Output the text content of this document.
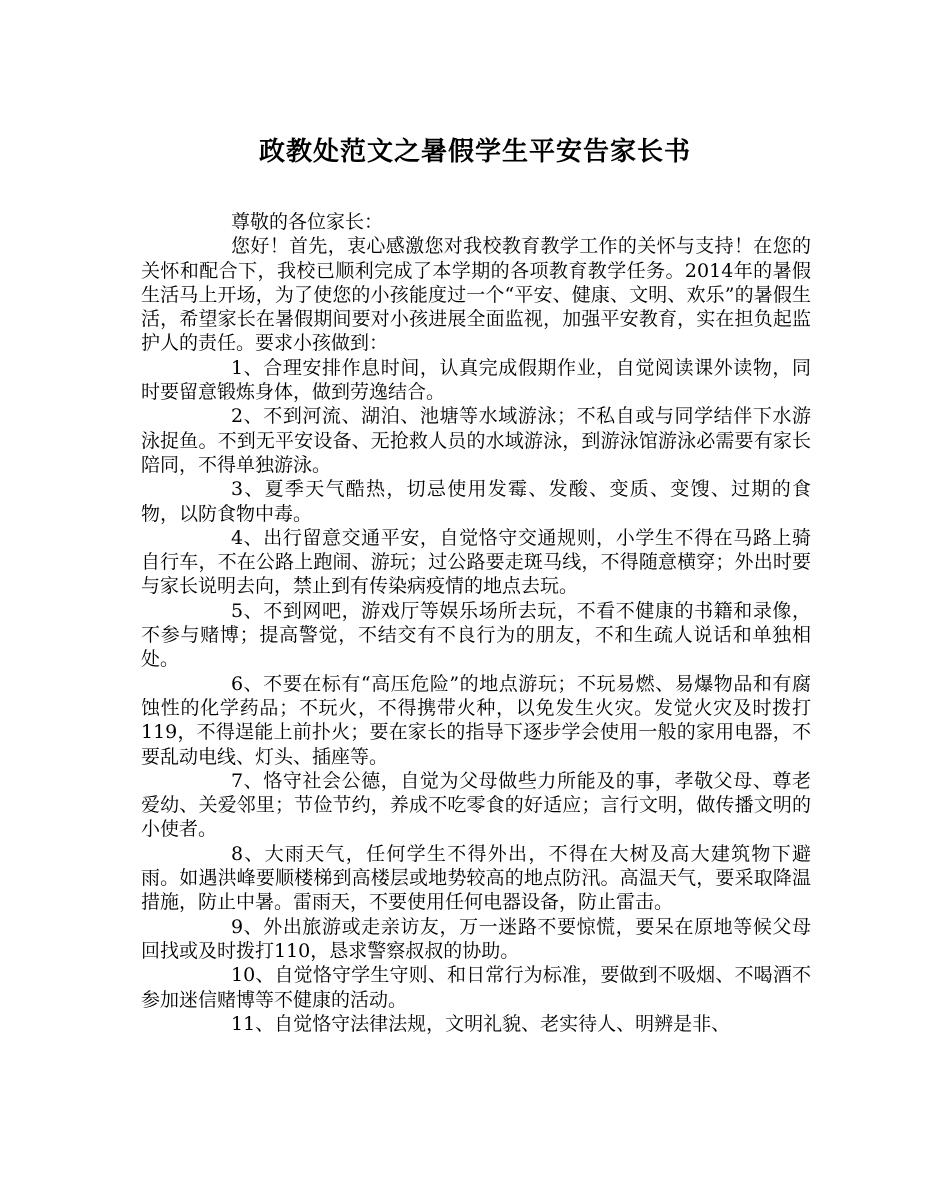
政教处范文之暑假学生平安告家长书

尊敬的各位家长：

您好！首先，衷心感激您对我校教育教学工作的关怀与支持！在您的关怀和配合下，我校已顺利完成了本学期的各项教育教学任务。2014年的暑假生活马上开场，为了使您的小孩能度过一个“平安、健康、文明、欢乐”的暑假生活，希望家长在暑假期间要对小孩进展全面监视，加强平安教育，实在担负起监护人的责任。要求小孩做到：

1、合理安排作息时间，认真完成假期作业，自觉阅读课外读物，同时要留意锻炼身体，做到劳逸结合。

2、不到河流、湖泊、池塘等水域游泳；不私自或与同学结伴下水游泳捉鱼。不到无平安设备、无抢救人员的水域游泳，到游泳馆游泳必需要有家长陪同，不得单独游泳。

3、夏季天气酷热，切忌使用发霉、发酸、变质、变馊、过期的食物，以防食物中毒。

4、出行留意交通平安，自觉恪守交通规则，小学生不得在马路上骑自行车，不在公路上跑闹、游玩；过公路要走斑马线，不得随意横穿；外出时要与家长说明去向，禁止到有传染病疫情的地点去玩。

5、不到网吧，游戏厅等娱乐场所去玩，不看不健康的书籍和录像，不参与赌博；提高警觉，不结交有不良行为的朋友，不和生疏人说话和单独相处。

6、不要在标有“高压危险”的地点游玩；不玩易燃、易爆物品和有腐蚀性的化学药品；不玩火，不得携带火种，以免发生火灾。发觉火灾及时拨打119，不得逞能上前扑火；要在家长的指导下逐步学会使用一般的家用电器，不要乱动电线、灯头、插座等。

7、恪守社会公德，自觉为父母做些力所能及的事，孝敬父母、尊老爱幼、关爱邻里；节俭节约，养成不吃零食的好适应；言行文明，做传播文明的小使者。

8、大雨天气，任何学生不得外出，不得在大树及高大建筑物下避雨。如遇洪峰要顺楼梯到高楼层或地势较高的地点防汛。高温天气，要采取降温措施，防止中暑。雷雨天，不要使用任何电器设备，防止雷击。

9、外出旅游或走亲访友，万一迷路不要惊慌，要呆在原地等候父母回找或及时拨打110，恳求警察叔叔的协助。

10、自觉恪守学生守则、和日常行为标准，要做到不吸烟、不喝酒不参加迷信赌博等不健康的活动。

11、自觉恪守法律法规，文明礼貌、老实待人、明辨是非、
